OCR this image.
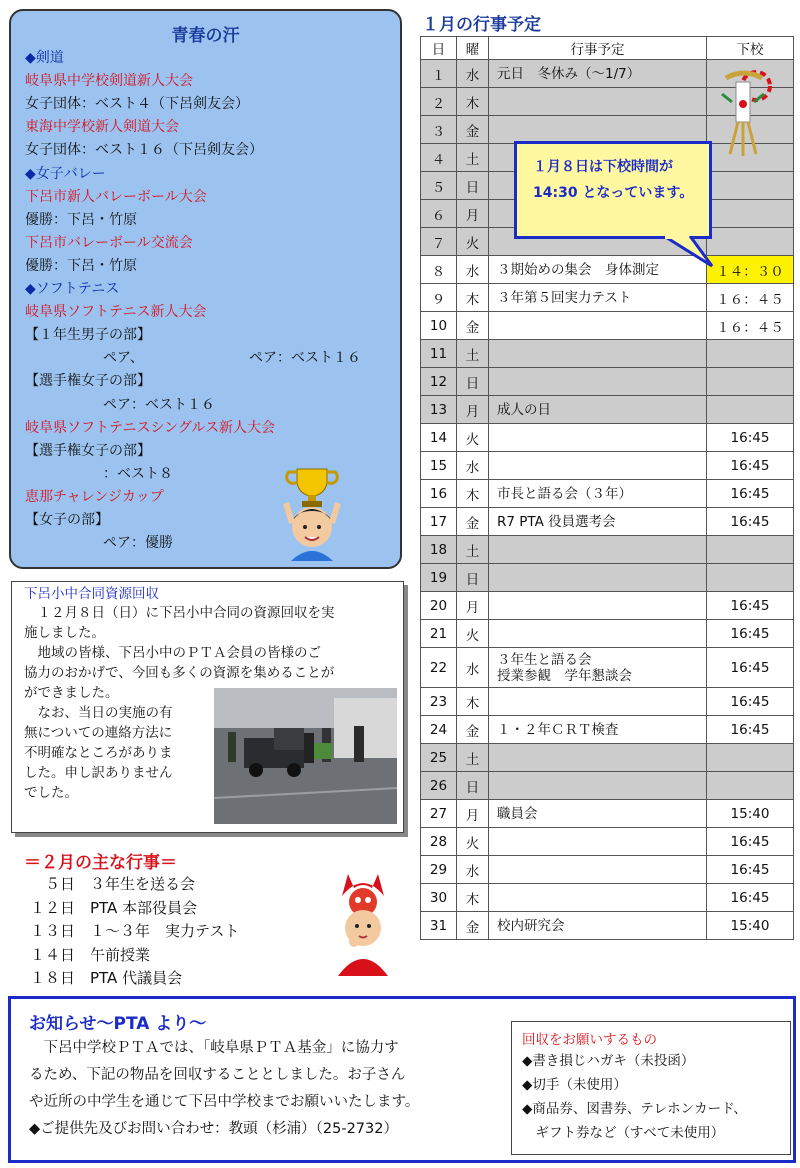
青春の汗
◆剣道
岐阜県中学校剣道新人大会
女子団体：ベスト４（下呂剣友会）
東海中学校新人剣道大会
女子団体：ベスト１６（下呂剣友会）
◆女子バレー
下呂市新人バレーボール大会
優勝：下呂・竹原
下呂市バレーボール交流会
優勝：下呂・竹原
◆ソフトテニス
岐阜県ソフトテニス新人大会
【１年生男子の部】
ペア、	ペア：ベスト１６
【選手権女子の部】
ペア：ベスト１６
岐阜県ソフトテニスシングルス新人大会
【選手権女子の部】
：ベスト８
恵那チャレンジカップ
【女子の部】
ペア：優勝
下呂小中合同資源回収
　１２月８日（日）に下呂小中合同の資源回収を実
施しました。
　地域の皆様、下呂小中のＰＴＡ会員の皆様のご
協力のおかげで、今回も多くの資源を集めることが
ができました。
　なお、当日の実施の有
無についての連絡方法に
不明確なところがありま
した。申し訳ありません
でした。
＝２月の主な行事＝
　５日　３年生を送る会
１２日　PTA 本部役員会
１３日　１～３年　実力テスト
１４日　午前授業
１８日　PTA 代議員会
１月の行事予定
日	曜	行事予定	下校
１	水	元日　冬休み（～1/7）	

２	木	

３	金	

４	土	

５	日	

６	月	

７	火	

８	水	３期始めの集会　身体測定	１４：３０
９	木	３年第５回実力テスト	１６：４５
10	金		１６：４５
11	土	

12	日	

13	月	成人の日	

14	火		16:45
15	水		16:45
16	木	市長と語る会（３年）	16:45
17	金	R7 PTA 役員選考会	16:45
18	土	

19	日	

20	月		16:45
21	火		16:45
22	水	３年生と語る会
授業参観　学年懇談会	16:45
23	木		16:45
24	金	１・２年ＣＲＴ検査	16:45
25	土	

26	日	

27	月	職員会	15:40
28	火		16:45
29	水		16:45
30	木		16:45
31	金	校内研究会	15:40
１月８日は下校時間が 14:30 となっています。
お知らせ～PTA より～
　下呂中学校ＰＴＡでは、「岐阜県ＰＴＡ基金」に協力す
るため、下記の物品を回収することとしました。お子さん
や近所の中学生を通じて下呂中学校までお願いいたします。
◆ご提供先及びお問い合わせ：教頭（杉浦）（25-2732）
回収をお願いするもの
◆書き損じハガキ（未投函）
◆切手（未使用）
◆商品券、図書券、テレホンカード、
　ギフト券など（すべて未使用）
